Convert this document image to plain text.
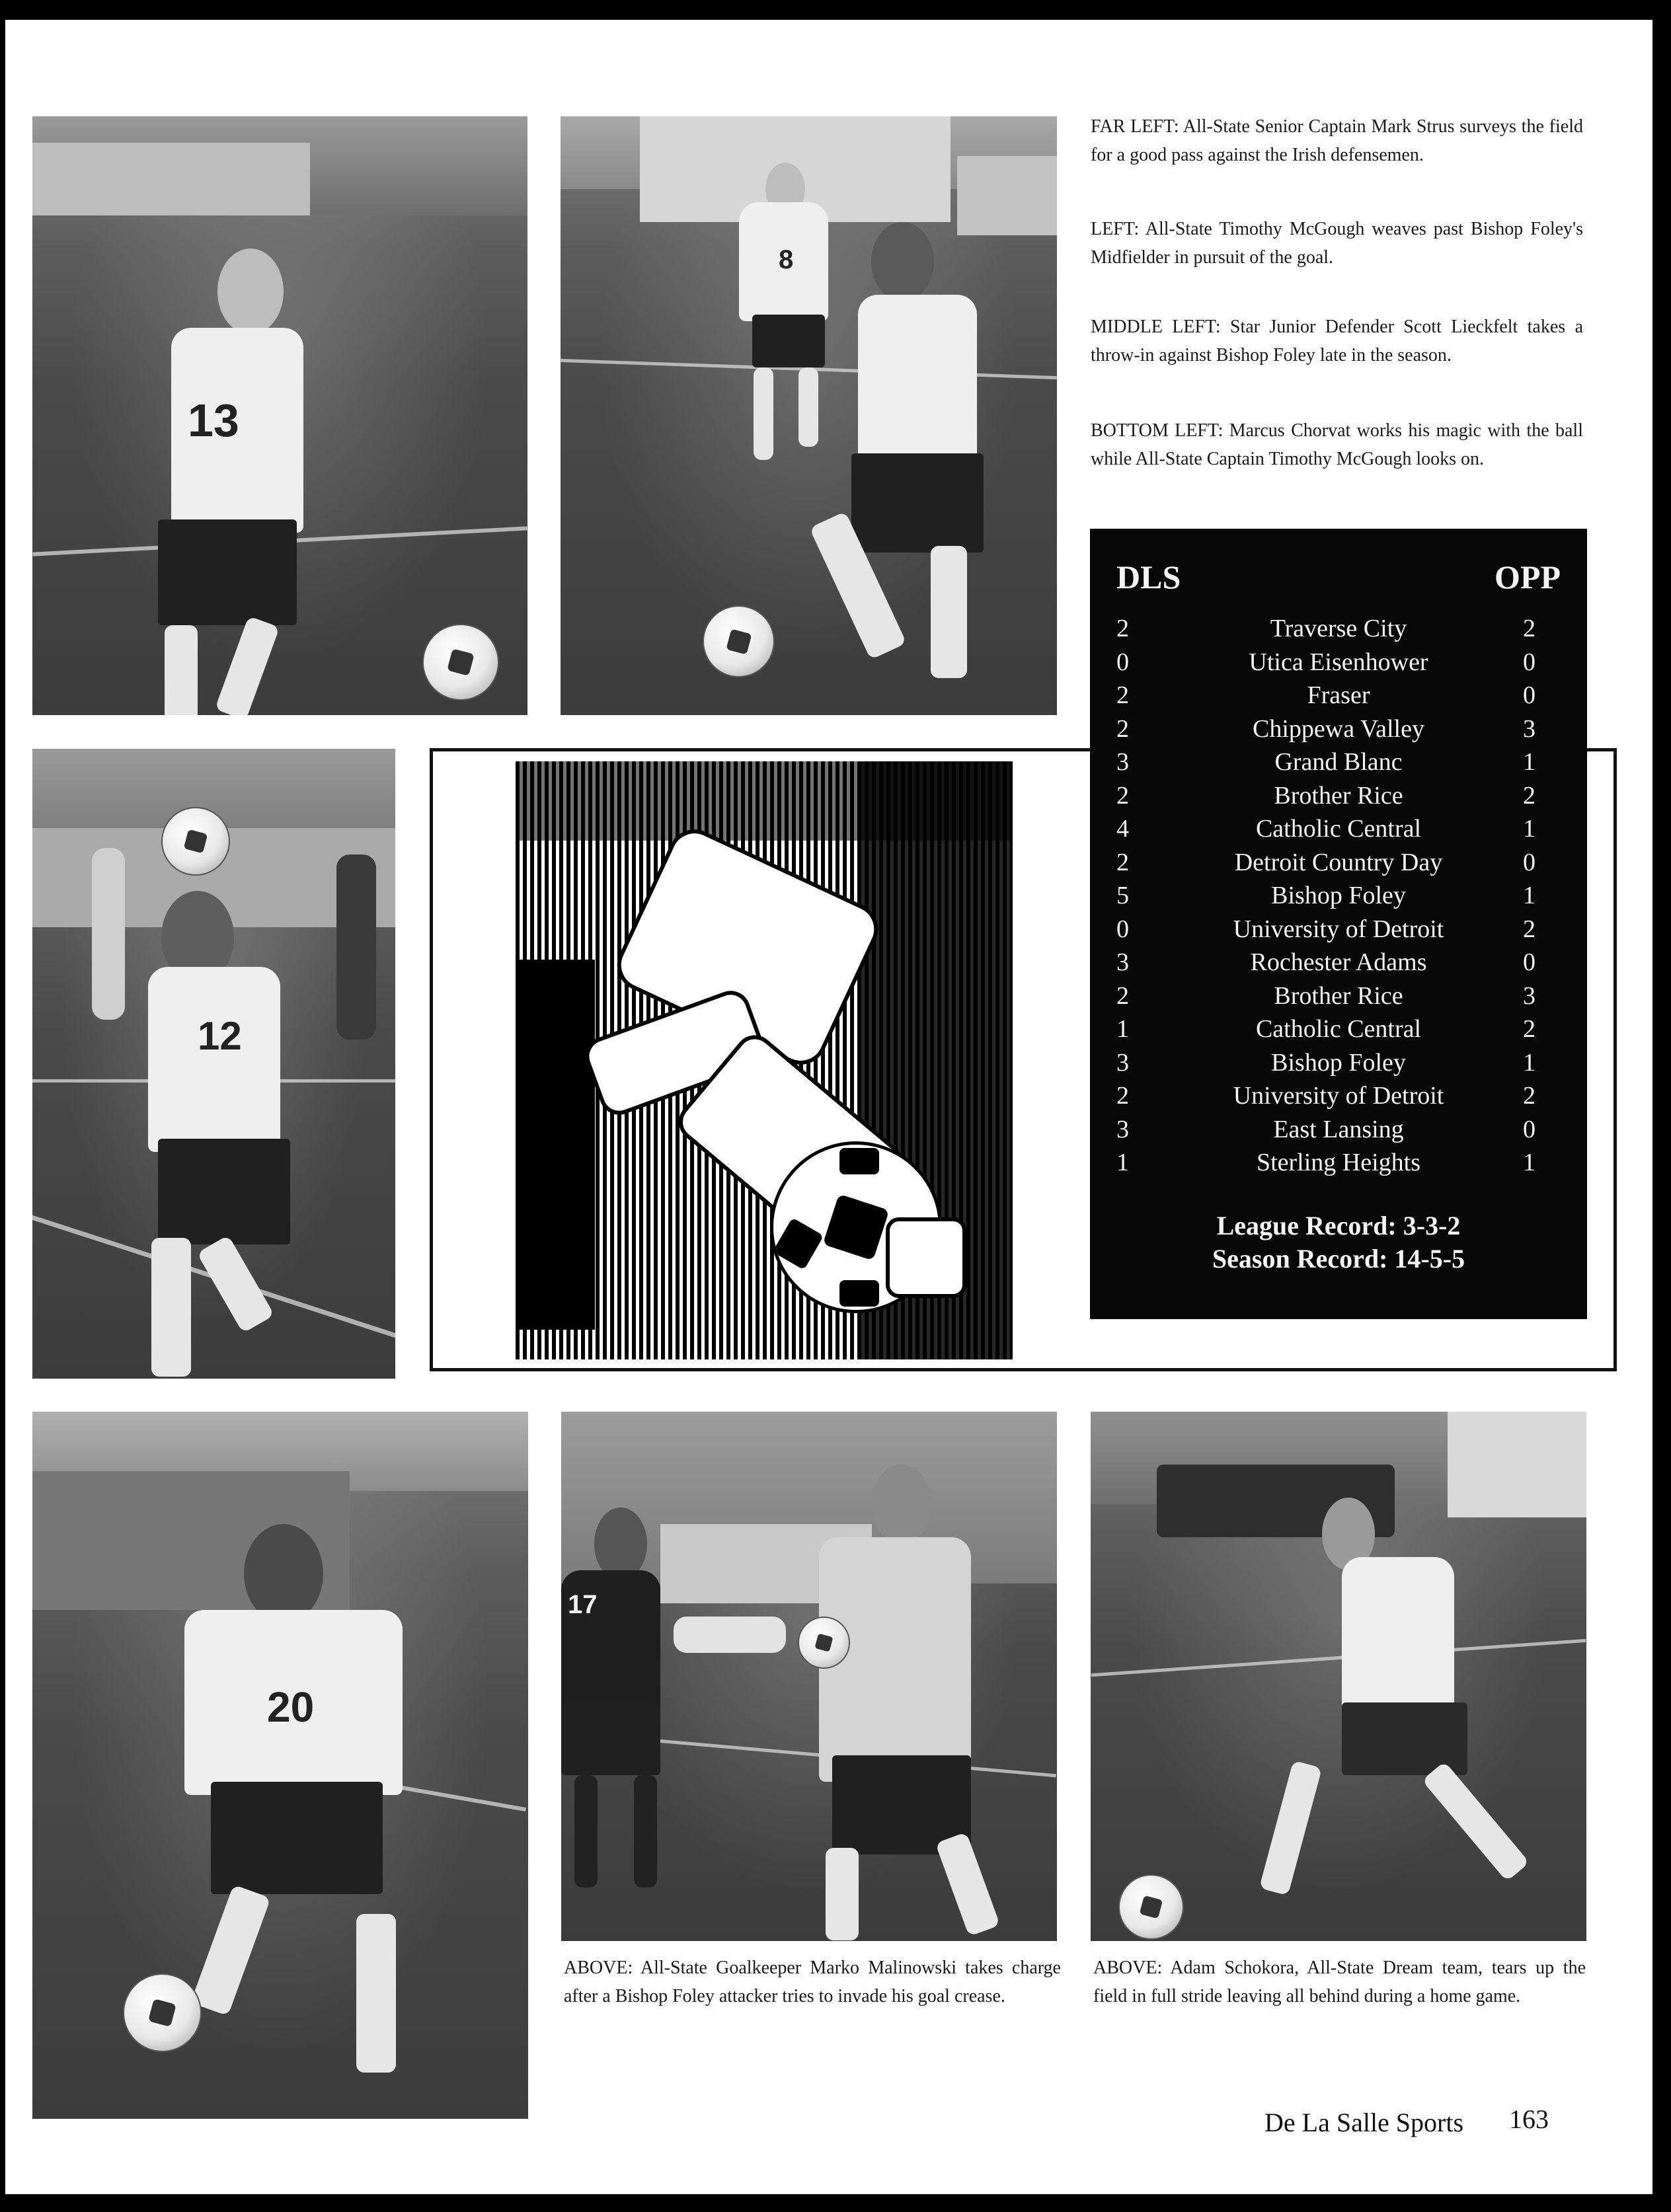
13
8
FAR LEFT: All-State Senior Captain Mark Strus surveys the field for a good pass against the Irish defensemen.
LEFT: All-State Timothy McGough weaves past Bishop Foley's Midfielder in pursuit of the goal.
MIDDLE LEFT: Star Junior Defender Scott Lieckfelt takes a throw-in against Bishop Foley late in the season.
BOTTOM LEFT: Marcus Chorvat works his magic with the ball while All-State Captain Timothy McGough looks on.
12
DLS	OPP
2	Traverse City	2
0	Utica Eisenhower	0
2	Fraser	0
2	Chippewa Valley	3
3	Grand Blanc	1
2	Brother Rice	2
4	Catholic Central	1
2	Detroit Country Day	0
5	Bishop Foley	1
0	University of Detroit	2
3	Rochester Adams	0
2	Brother Rice	3
1	Catholic Central	2
3	Bishop Foley	1
2	University of Detroit	2
3	East Lansing	0
1	Sterling Heights	1
League Record: 3-3-2
Season Record: 14-5-5
20
17
ABOVE: All-State Goalkeeper Marko Malinowski takes charge after a Bishop Foley attacker tries to invade his goal crease.
ABOVE: Adam Schokora, All-State Dream team, tears up the field in full stride leaving all behind during a home game.
De La Salle Sports 163
